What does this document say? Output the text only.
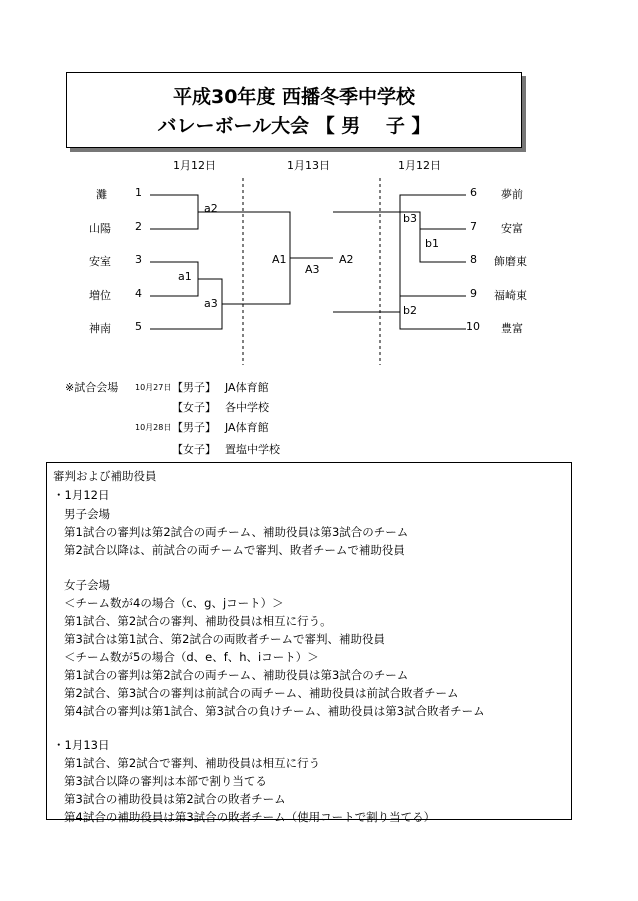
平成30年度 西播冬季中学校
バレーボール大会 【 男　 子 】
1月12日	1月13日	1月12日
灘	1
山陽 2
安室 3
増位 4
神南 5
6 夢前
7 安富
8 飾磨東
9 福崎東
10 豊富
a2
a1
a3
A1
A3
A2
b3
b1
b2
※試合会場 10月27日 【男子】 JA体育館
【女子】 各中学校
10月28日 【男子】 JA体育館
【女子】 置塩中学校
審判および補助役員
・1月12日
男子会場
第1試合の審判は第2試合の両チーム、補助役員は第3試合のチーム
第2試合以降は、前試合の両チームで審判、敗者チームで補助役員
女子会場
＜チーム数が4の場合（c、g、jコート）＞
第1試合、第2試合の審判、補助役員は相互に行う。
第3試合は第1試合、第2試合の両敗者チームで審判、補助役員
＜チーム数が5の場合（d、e、f、h、iコート）＞
第1試合の審判は第2試合の両チーム、補助役員は第3試合のチーム
第2試合、第3試合の審判は前試合の両チーム、補助役員は前試合敗者チーム
第4試合の審判は第1試合、第3試合の負けチーム、補助役員は第3試合敗者チーム
・1月13日
第1試合、第2試合で審判、補助役員は相互に行う
第3試合以降の審判は本部で割り当てる
第3試合の補助役員は第2試合の敗者チーム
第4試合の補助役員は第3試合の敗者チーム（使用コートで割り当てる）
